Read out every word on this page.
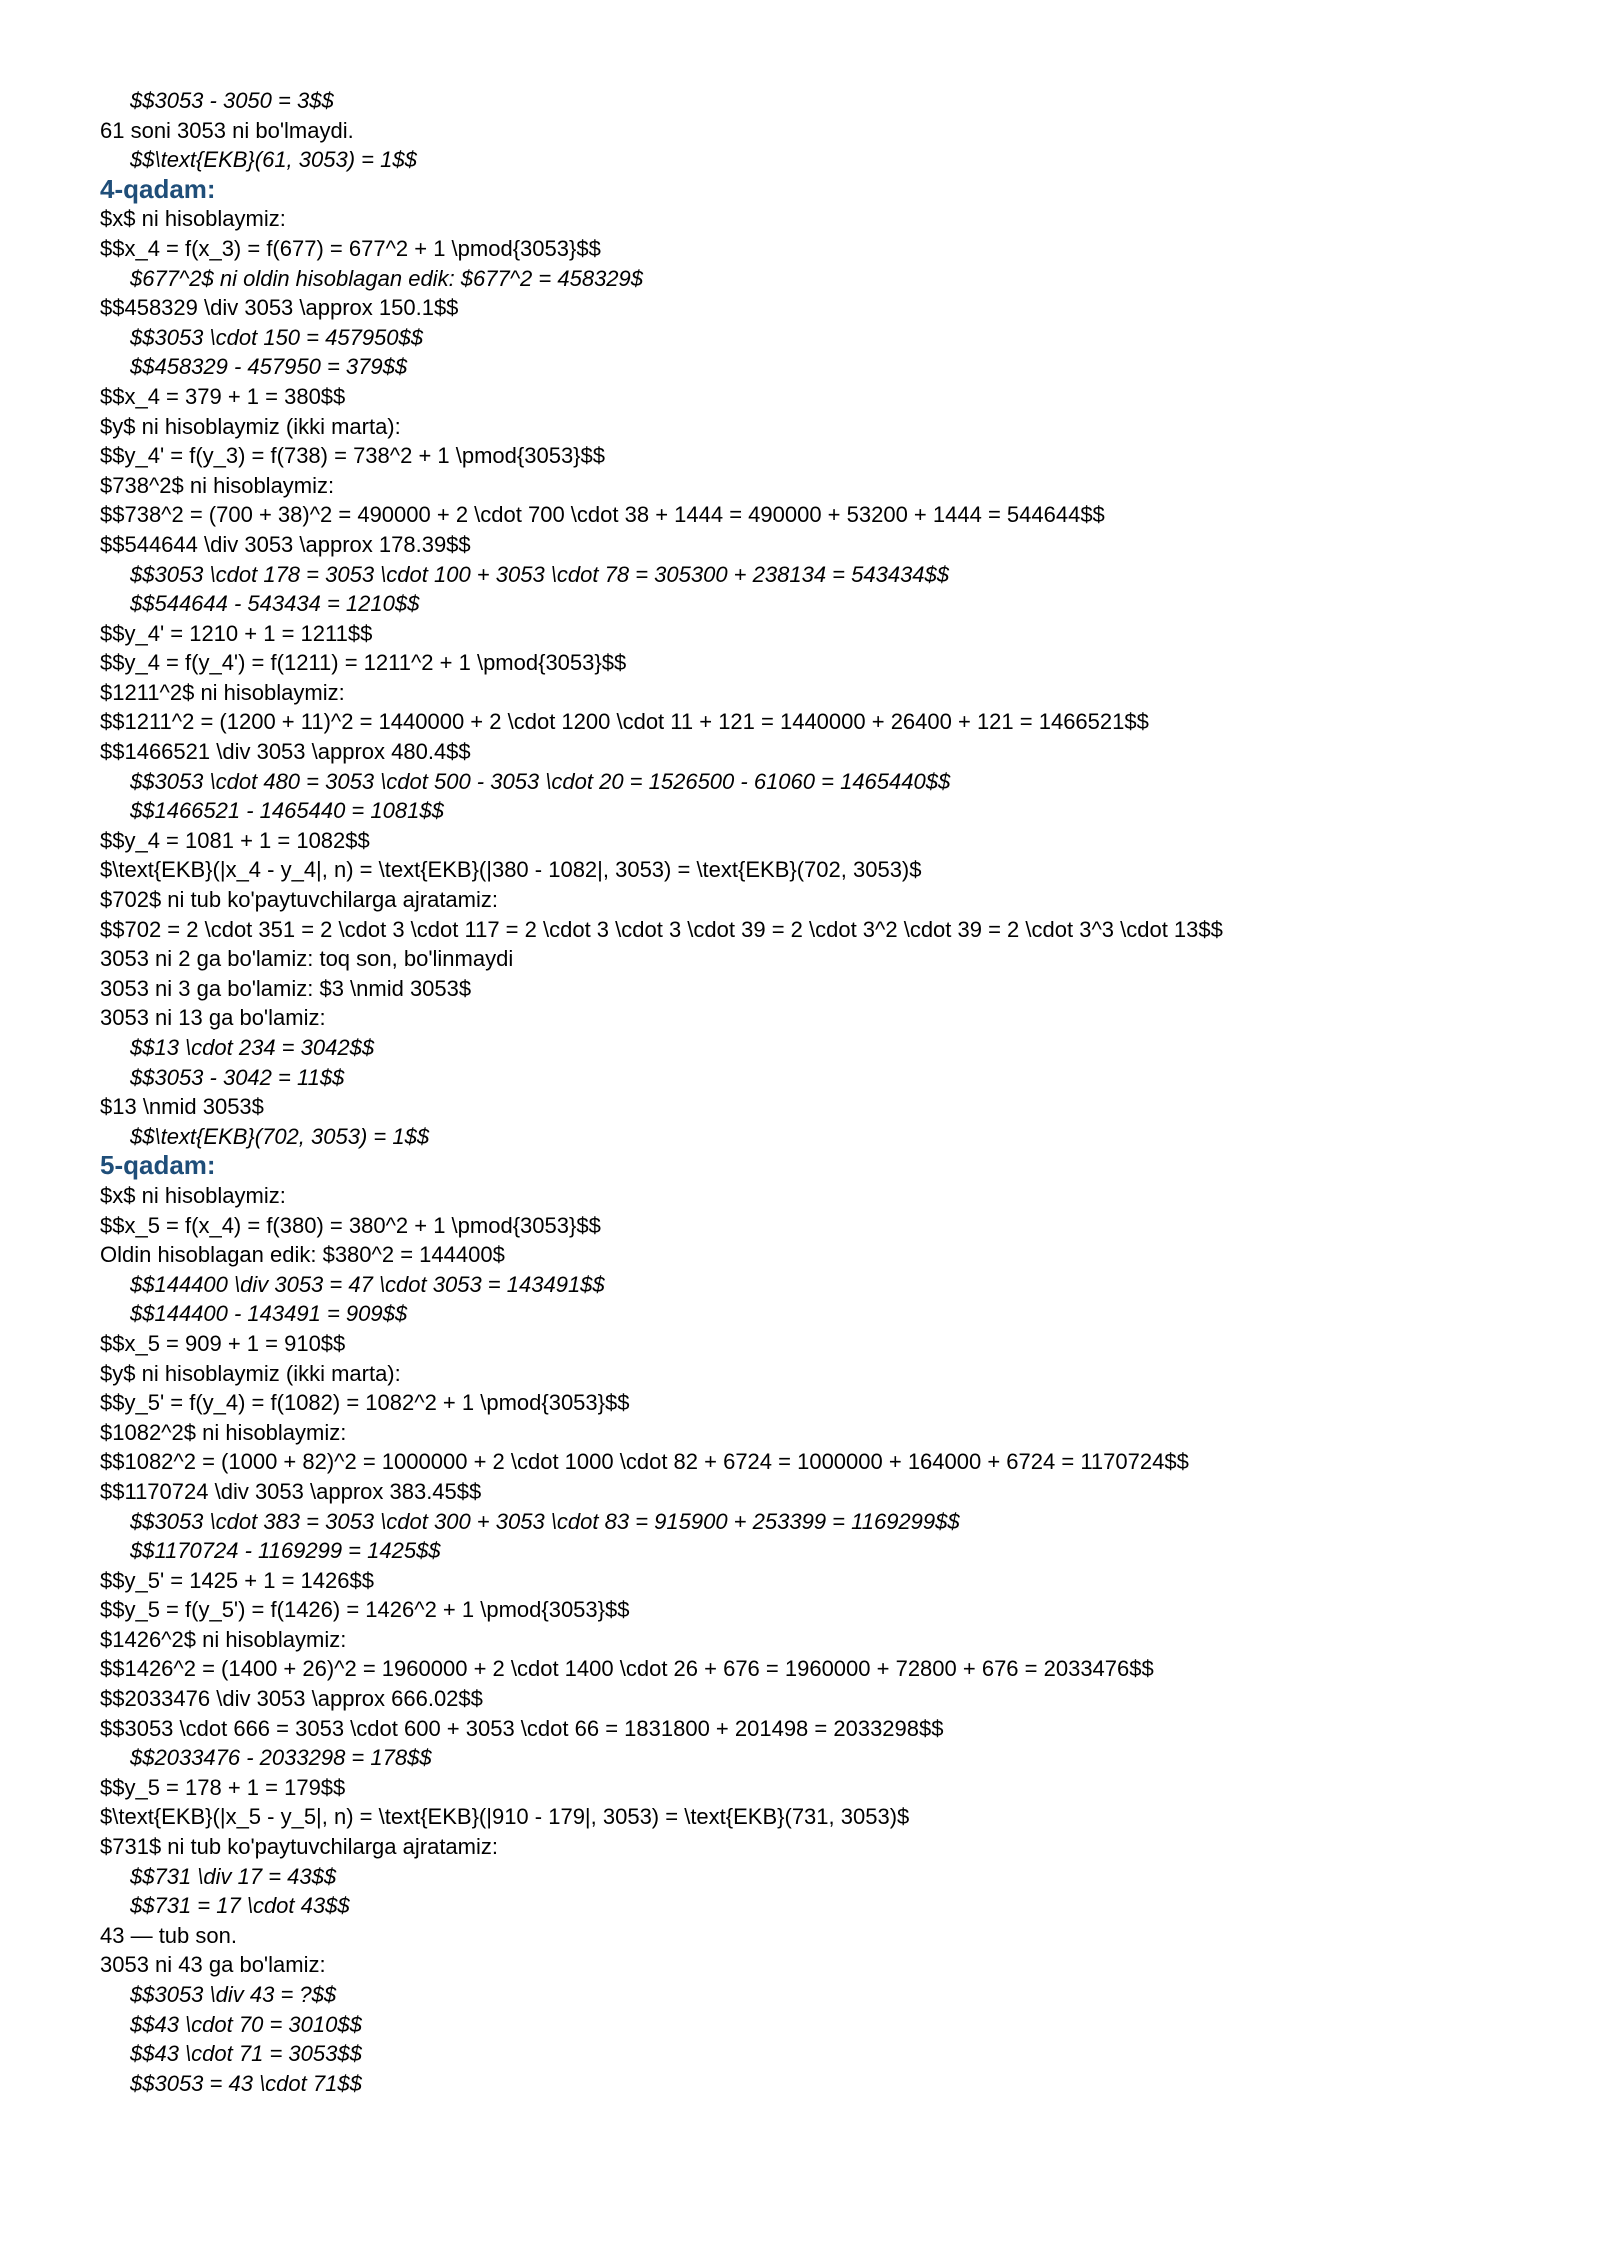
$$3053 - 3050 = 3$$
61 soni 3053 ni bo'lmaydi.
$$\text{EKB}(61, 3053) = 1$$
4-qadam:
$x$ ni hisoblaymiz:
$$x_4 = f(x_3) = f(677) = 677^2 + 1 \pmod{3053}$$
$677^2$ ni oldin hisoblagan edik: $677^2 = 458329$
$$458329 \div 3053 \approx 150.1$$
$$3053 \cdot 150 = 457950$$
$$458329 - 457950 = 379$$
$$x_4 = 379 + 1 = 380$$
$y$ ni hisoblaymiz (ikki marta):
$$y_4' = f(y_3) = f(738) = 738^2 + 1 \pmod{3053}$$
$738^2$ ni hisoblaymiz:
$$738^2 = (700 + 38)^2 = 490000 + 2 \cdot 700 \cdot 38 + 1444 = 490000 + 53200 + 1444 = 544644$$
$$544644 \div 3053 \approx 178.39$$
$$3053 \cdot 178 = 3053 \cdot 100 + 3053 \cdot 78 = 305300 + 238134 = 543434$$
$$544644 - 543434 = 1210$$
$$y_4' = 1210 + 1 = 1211$$
$$y_4 = f(y_4') = f(1211) = 1211^2 + 1 \pmod{3053}$$
$1211^2$ ni hisoblaymiz:
$$1211^2 = (1200 + 11)^2 = 1440000 + 2 \cdot 1200 \cdot 11 + 121 = 1440000 + 26400 + 121 = 1466521$$
$$1466521 \div 3053 \approx 480.4$$
$$3053 \cdot 480 = 3053 \cdot 500 - 3053 \cdot 20 = 1526500 - 61060 = 1465440$$
$$1466521 - 1465440 = 1081$$
$$y_4 = 1081 + 1 = 1082$$
$\text{EKB}(|x_4 - y_4|, n) = \text{EKB}(|380 - 1082|, 3053) = \text{EKB}(702, 3053)$
$702$ ni tub ko'paytuvchilarga ajratamiz:
$$702 = 2 \cdot 351 = 2 \cdot 3 \cdot 117 = 2 \cdot 3 \cdot 3 \cdot 39 = 2 \cdot 3^2 \cdot 39 = 2 \cdot 3^3 \cdot 13$$
3053 ni 2 ga bo'lamiz: toq son, bo'linmaydi
3053 ni 3 ga bo'lamiz: $3 \nmid 3053$
3053 ni 13 ga bo'lamiz:
$$13 \cdot 234 = 3042$$
$$3053 - 3042 = 11$$
$13 \nmid 3053$
$$\text{EKB}(702, 3053) = 1$$
5-qadam:
$x$ ni hisoblaymiz:
$$x_5 = f(x_4) = f(380) = 380^2 + 1 \pmod{3053}$$
Oldin hisoblagan edik: $380^2 = 144400$
$$144400 \div 3053 = 47 \cdot 3053 = 143491$$
$$144400 - 143491 = 909$$
$$x_5 = 909 + 1 = 910$$
$y$ ni hisoblaymiz (ikki marta):
$$y_5' = f(y_4) = f(1082) = 1082^2 + 1 \pmod{3053}$$
$1082^2$ ni hisoblaymiz:
$$1082^2 = (1000 + 82)^2 = 1000000 + 2 \cdot 1000 \cdot 82 + 6724 = 1000000 + 164000 + 6724 = 1170724$$
$$1170724 \div 3053 \approx 383.45$$
$$3053 \cdot 383 = 3053 \cdot 300 + 3053 \cdot 83 = 915900 + 253399 = 1169299$$
$$1170724 - 1169299 = 1425$$
$$y_5' = 1425 + 1 = 1426$$
$$y_5 = f(y_5') = f(1426) = 1426^2 + 1 \pmod{3053}$$
$1426^2$ ni hisoblaymiz:
$$1426^2 = (1400 + 26)^2 = 1960000 + 2 \cdot 1400 \cdot 26 + 676 = 1960000 + 72800 + 676 = 2033476$$
$$2033476 \div 3053 \approx 666.02$$
$$3053 \cdot 666 = 3053 \cdot 600 + 3053 \cdot 66 = 1831800 + 201498 = 2033298$$
$$2033476 - 2033298 = 178$$
$$y_5 = 178 + 1 = 179$$
$\text{EKB}(|x_5 - y_5|, n) = \text{EKB}(|910 - 179|, 3053) = \text{EKB}(731, 3053)$
$731$ ni tub ko'paytuvchilarga ajratamiz:
$$731 \div 17 = 43$$
$$731 = 17 \cdot 43$$
43 — tub son.
3053 ni 43 ga bo'lamiz:
$$3053 \div 43 = ?$$
$$43 \cdot 70 = 3010$$
$$43 \cdot 71 = 3053$$
$$3053 = 43 \cdot 71$$
